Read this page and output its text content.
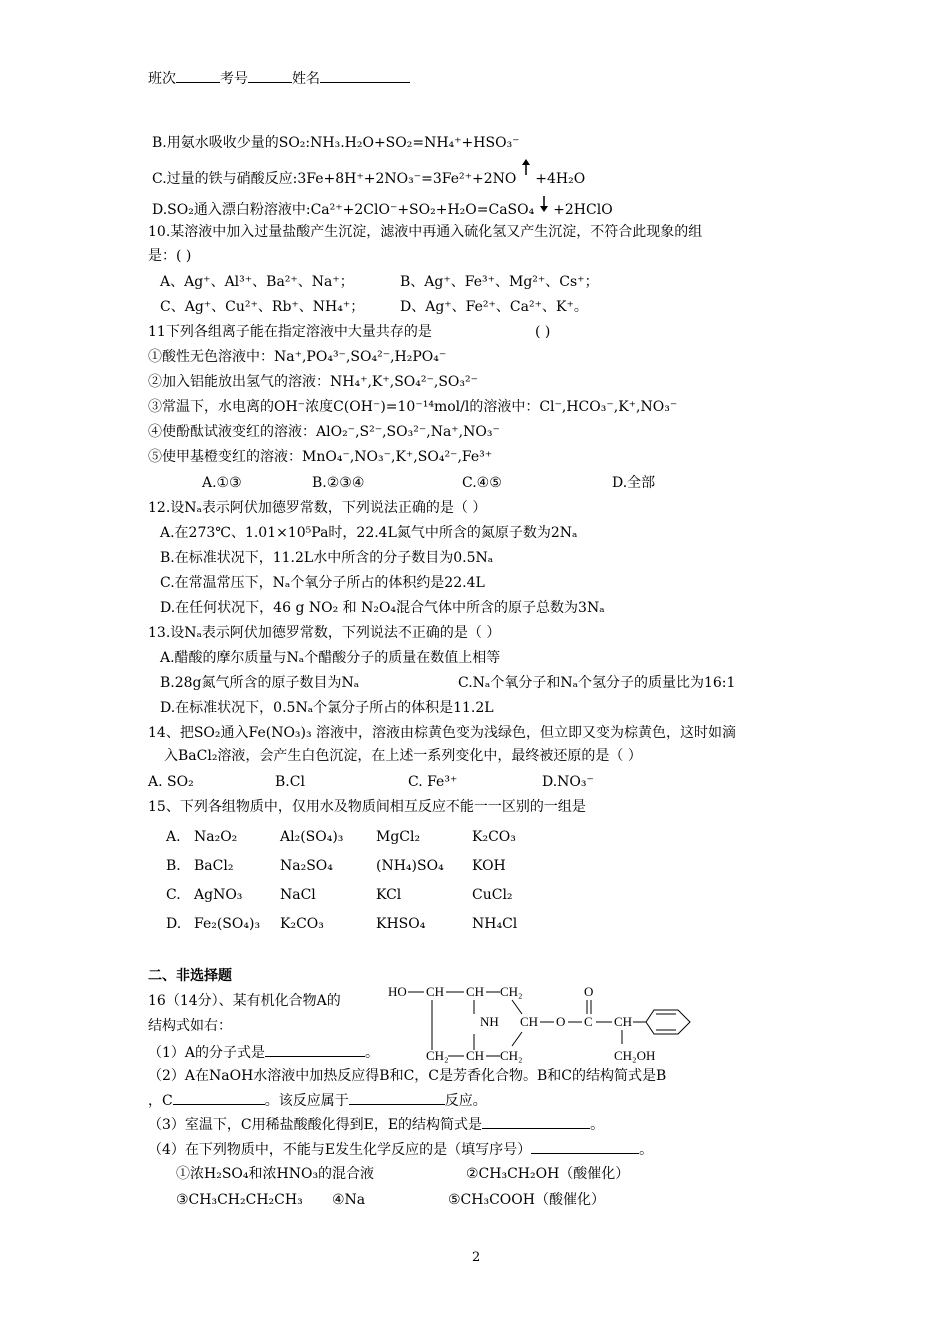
班次	考号	姓名
B.用氨水吸收少量的SO₂:NH₃.H₂O+SO₂=NH₄⁺+HSO₃⁻
C.过量的铁与硝酸反应:3Fe+8H⁺+2NO₃⁻=3Fe²⁺+2NO +4H₂O
D.SO₂通入漂白粉溶液中:Ca²⁺+2ClO⁻+SO₂+H₂O=CaSO₄ +2HClO
10.某溶液中加入过量盐酸产生沉淀，滤液中再通入硫化氢又产生沉淀，不符合此现象的组
是：( )
A、Ag⁺、Al³⁺、Ba²⁺、Na⁺；	B、Ag⁺、Fe³⁺、Mg²⁺、Cs⁺；
C、Ag⁺、Cu²⁺、Rb⁺、NH₄⁺；	D、Ag⁺、Fe²⁺、Ca²⁺、K⁺。
11下列各组离子能在指定溶液中大量共存的是	( )
①酸性无色溶液中：Na⁺,PO₄³⁻,SO₄²⁻,H₂PO₄⁻
②加入铝能放出氢气的溶液：NH₄⁺,K⁺,SO₄²⁻,SO₃²⁻
③常温下，水电离的OH⁻浓度C(OH⁻)=10⁻¹⁴mol/l的溶液中：Cl⁻,HCO₃⁻,K⁺,NO₃⁻
④使酚酞试液变红的溶液：AlO₂⁻,S²⁻,SO₃²⁻,Na⁺,NO₃⁻
⑤使甲基橙变红的溶液：MnO₄⁻,NO₃⁻,K⁺,SO₄²⁻,Fe³⁺
A.①③	B.②③④	C.④⑤	D.全部
12.设Nₐ表示阿伏加德罗常数，下列说法正确的是（ ）
A.在273℃、1.01×10⁵Pa时，22.4L氮气中所含的氮原子数为2Nₐ
B.在标准状况下，11.2L水中所含的分子数目为0.5Nₐ
C.在常温常压下，Nₐ个氧分子所占的体积约是22.4L
D.在任何状况下，46 g NO₂ 和 N₂O₄混合气体中所含的原子总数为3Nₐ
13.设Nₐ表示阿伏加德罗常数，下列说法不正确的是（ ）
A.醋酸的摩尔质量与Nₐ个醋酸分子的质量在数值上相等
B.28g氮气所含的原子数目为Nₐ	C.Nₐ个氧分子和Nₐ个氢分子的质量比为16:1
D.在标准状况下，0.5Nₐ个氯分子所占的体积是11.2L
14、把SO₂通入Fe(NO₃)₃ 溶液中，溶液由棕黄色变为浅绿色，但立即又变为棕黄色，这时如滴
入BaCl₂溶液，会产生白色沉淀，在上述一系列变化中，最终被还原的是（ ）
A. SO₂	B.Cl	C. Fe³⁺	D.NO₃⁻
15、下列各组物质中，仅用水及物质间相互反应不能一一区别的一组是
A. Na₂O₂	Al₂(SO₄)₃ MgCl₂	K₂CO₃
B. BaCl₂	Na₂SO₄	(NH₄)SO₄ KOH
C. AgNO₃	NaCl	KCl	CuCl₂
D. Fe₂(SO₄)₃ K₂CO₃	KHSO₄	NH₄Cl
二、非选择题
16（14分）、某有机化合物A的
结构式如右：
HO CH CH CH₂
NH CH O C
O
CH
CH₂OH
CH₂ CH CH₂
（1）A的分子式是	。
（2）A在NaOH水溶液中加热反应得B和C，C是芳香化合物。B和C的结构简式是B
，C	。该反应属于	反应。
（3）室温下，C用稀盐酸酸化得到E，E的结构简式是	。
（4）在下列物质中，不能与E发生化学反应的是（填写序号）	。
①浓H₂SO₄和浓HNO₃的混合液	②CH₃CH₂OH（酸催化）
③CH₃CH₂CH₂CH₃ ④Na	⑤CH₃COOH（酸催化）
2
